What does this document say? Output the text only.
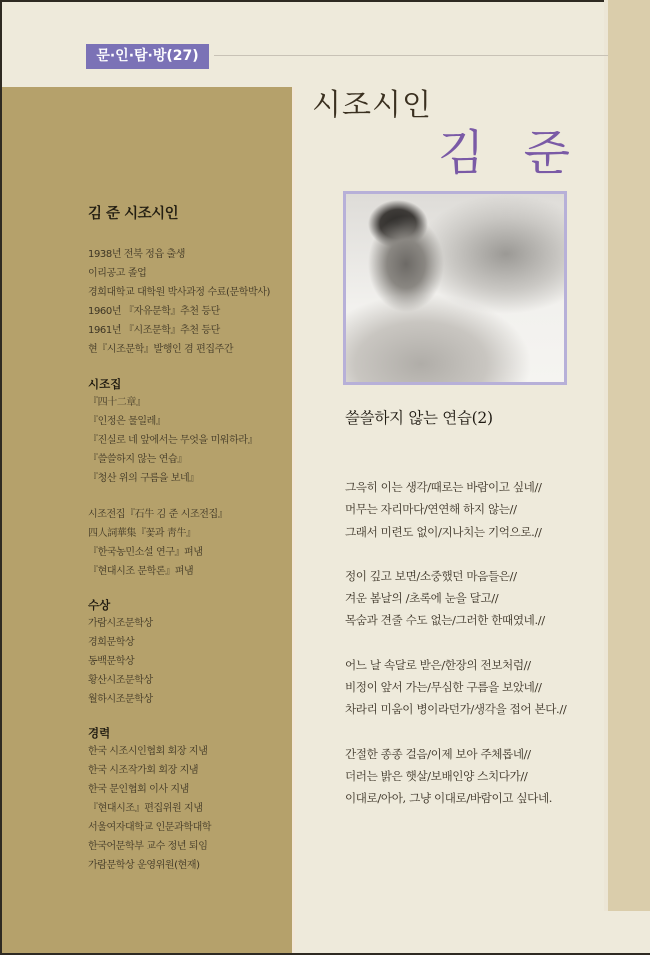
문·인·탐·방(27)
김 준 시조시인
1938년 전북 정읍 출생
이리공고 졸업
경희대학교 대학원 박사과정 수료(문학박사)
1960년 『자유문학』추천 등단
1961년 『시조문학』추천 등단
현『시조문학』발행인 겸 편집주간
시조집
『四十二章』
『인정은 물일레』
『진실로 네 앞에서는 무엇을 미워하라』
『쓸쓸하지 않는 연습』
『청산 위의 구름을 보네』
시조전집『石牛 김 준 시조전집』
四人詞華集『꽃과 靑牛』
『한국농민소설 연구』펴냄
『현대시조 문학론』펴냄
수상
가람시조문학상
경희문학상
동백문학상
황산시조문학상
월하시조문학상
경력
한국 시조시인협회 회장 지냄
한국 시조작가회 회장 지냄
한국 문인협회 이사 지냄
『현대시조』편집위원 지냄
서울여자대학교 인문과학대학
한국어문학부 교수 정년 퇴임
가람문학상 운영위원(현재)
시조시인
김 준
쓸쓸하지 않는 연습(2)
그윽히 이는 생각/때로는 바람이고 싶네//
머무는 자리마다/연연해 하지 않는//
그래서 미련도 없이/지나치는 기억으로.//
정이 깊고 보면/소중했던 마음들은//
겨운 봄날의 /초록에 눈을 달고//
목숨과 견줄 수도 없는/그러한 한때였네.//
어느 날 속달로 받은/한장의 전보처럼//
비정이 앞서 가는/무심한 구름을 보았네//
차라리 미움이 병이라던가/생각을 접어 본다.//
간절한 종종 걸음/이제 보아 주체롭네//
더러는 밝은 햇살/보배인양 스치다가//
이대로/아아, 그냥 이대로/바람이고 싶다네.
